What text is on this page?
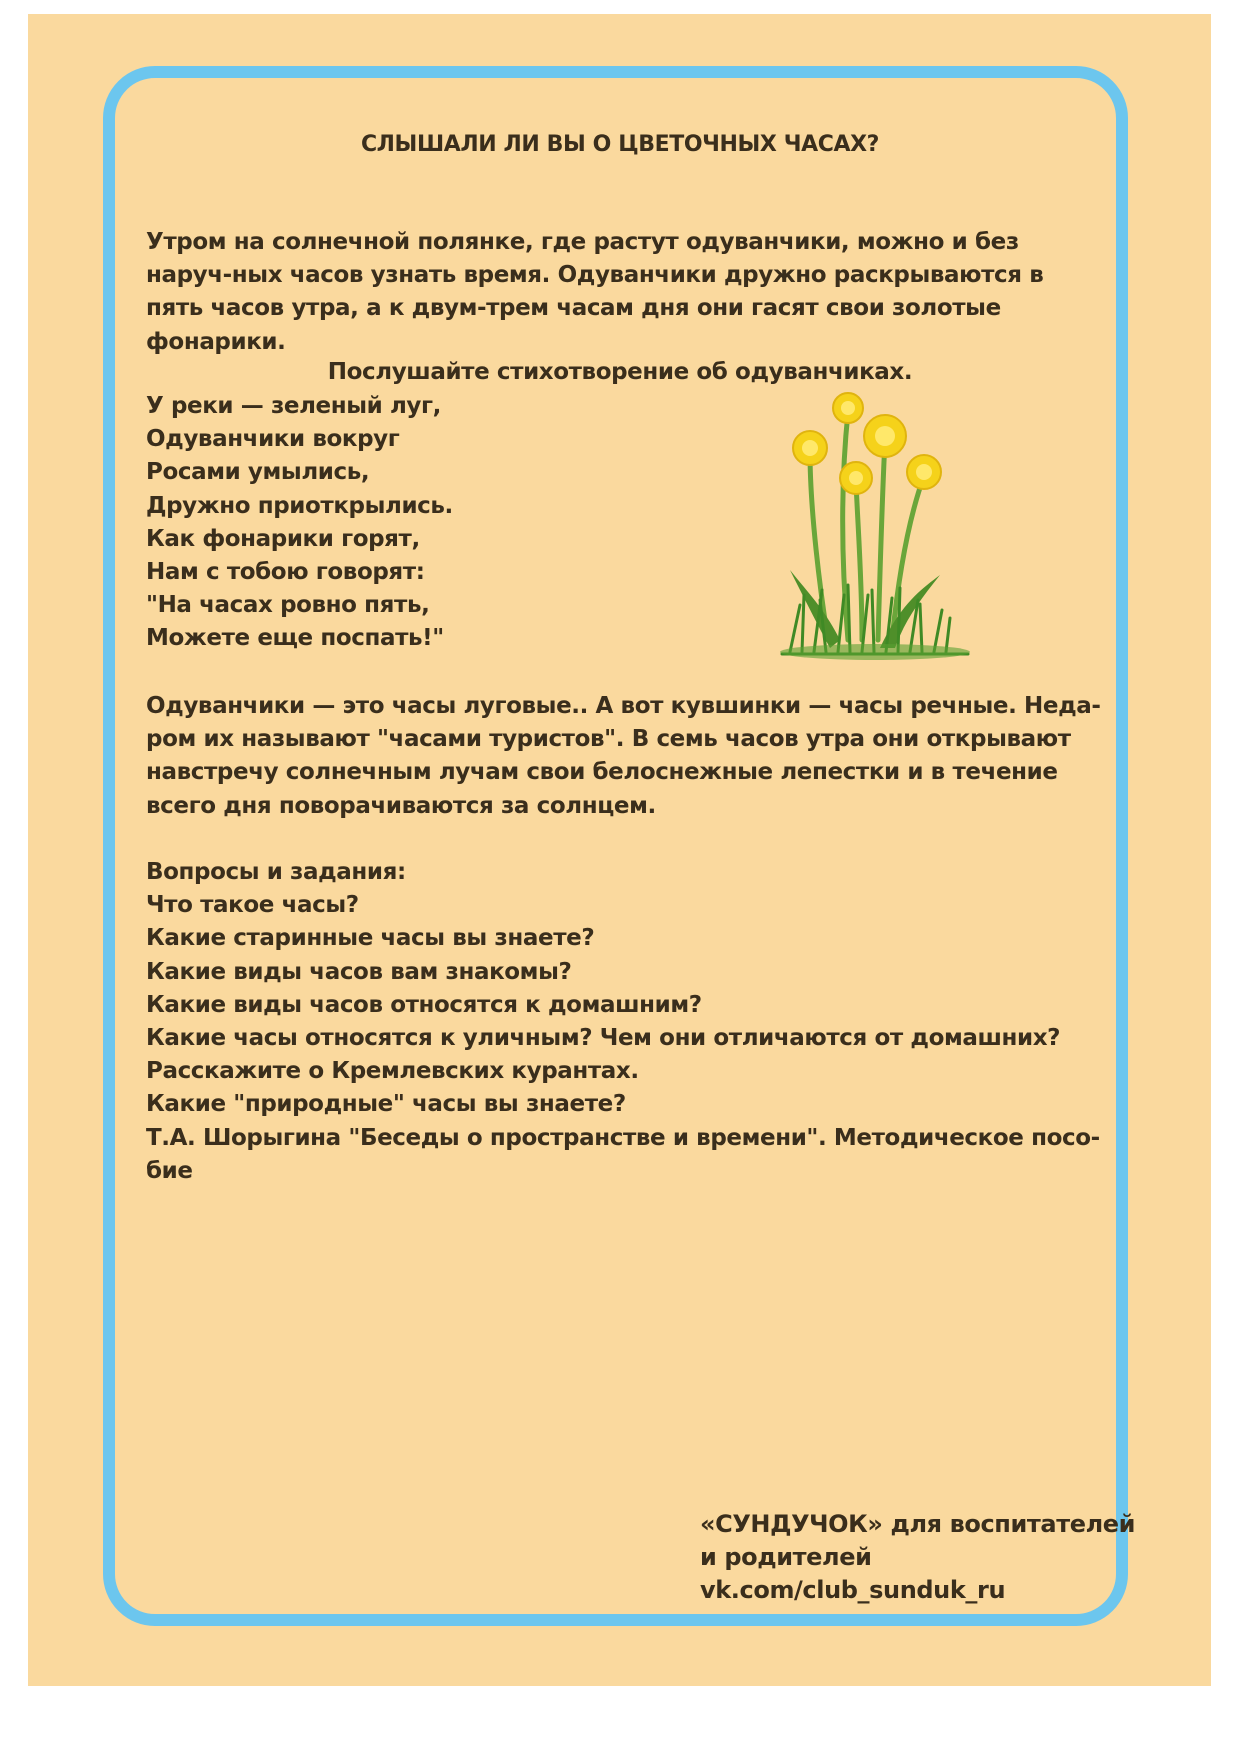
СЛЫШАЛИ ЛИ ВЫ О ЦВЕТОЧНЫХ ЧАСАХ?

Утром на солнечной полянке, где растут одуванчики, можно и без наруч-ных часов узнать время. Одуванчики дружно раскрываются в пять часов утра, а к двум-трем часам дня они гасят свои золотые фонарики.

Послушайте стихотворение об одуванчиках.

У реки — зеленый луг,
Одуванчики вокруг
Росами умылись,
Дружно приоткрылись.
Как фонарики горят,
Нам с тобою говорят:
"На часах ровно пять,
Можете еще поспать!"

Одуванчики — это часы луговые.. А вот кувшинки — часы речные. Неда-ром их называют "часами туристов". В семь часов утра они открывают навстречу солнечным лучам свои белоснежные лепестки и в течение всего дня поворачиваются за солнцем.

Вопросы и задания:
Что такое часы?
Какие старинные часы вы знаете?
Какие виды часов вам знакомы?
Какие виды часов относятся к домашним?
Какие часы относятся к уличным? Чем они отличаются от домашних?
Расскажите о Кремлевских курантах.
Какие "природные" часы вы знаете?
Т.А. Шорыгина "Беседы о пространстве и времени". Методическое посо-бие
«СУНДУЧОК» для воспитателей
и родителей
vk.com/club_sunduk_ru
